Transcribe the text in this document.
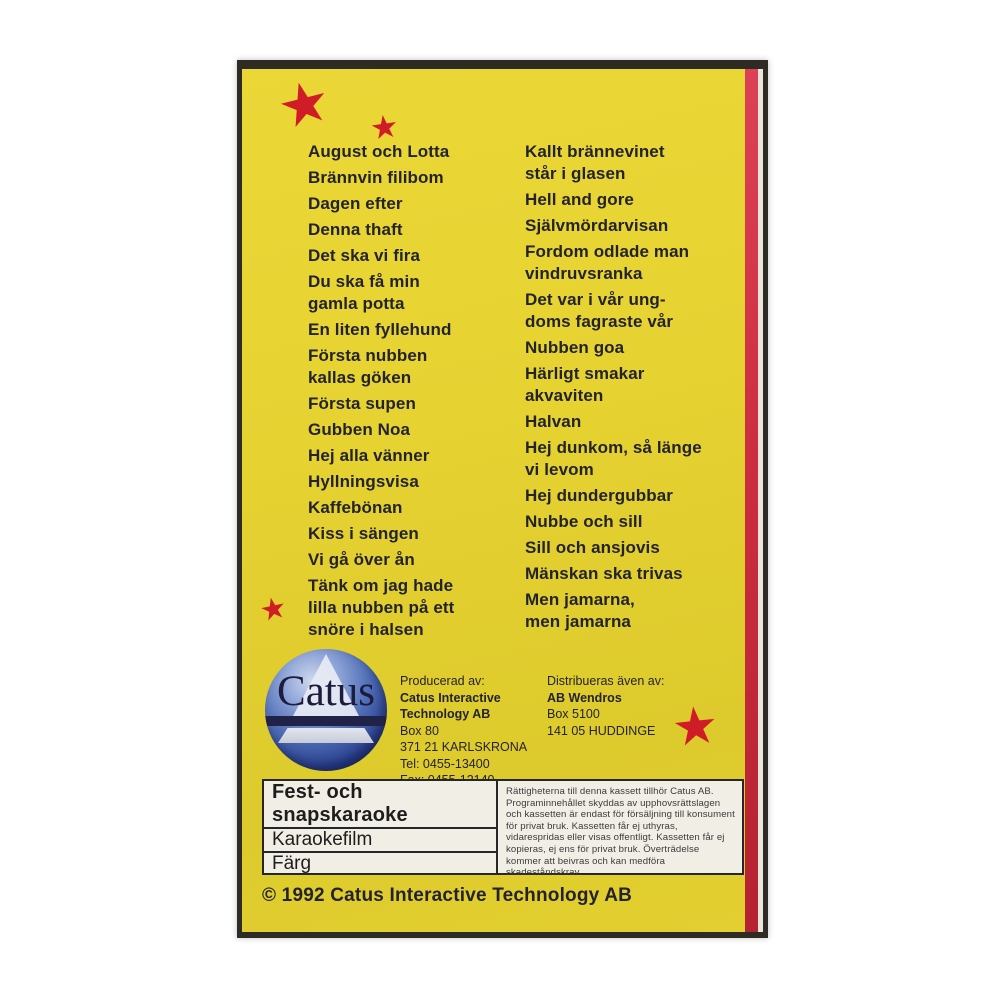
★ ★
★
★
August och Lotta
Brännvin filibom
Dagen efter
Denna thaft
Det ska vi fira
Du ska få min
gamla potta
En liten fyllehund
Första nubben
kallas göken
Första supen
Gubben Noa
Hej alla vänner
Hyllningsvisa
Kaffebönan
Kiss i sängen
Vi gå över ån
Tänk om jag hade
lilla nubben på ett
snöre i halsen
Kallt brännevinet
står i glasen
Hell and gore
Självmördarvisan
Fordom odlade man
vindruvsranka
Det var i vår ung-
doms fagraste vår
Nubben goa
Härligt smakar
akvaviten
Halvan
Hej dunkom, så länge
vi levom
Hej dundergubbar
Nubbe och sill
Sill och ansjovis
Mänskan ska trivas
Men jamarna,
men jamarna
Catus	Producerad av:
Catus Interactive
Technology AB
Box 80
371 21 KARLSKRONA
Tel: 0455-13400
Distribueras även av:
AB Wendros
Box 5100
141 05 HUDDINGE
Fest- och snapskaraoke
Karaokefilm
Färg
Rättigheterna till denna kassett tillhör Catus AB. Programinnehållet skyddas av upphovsrättslagen och kassetten är endast för försäljning till konsument för privat bruk. Kassetten får ej uthyras, vidarespridas eller visas offentligt. Kassetten får ej kopieras, ej ens för privat bruk. Överträdelse kommer att beivras och kan medföra skadeståndskrav.
© 1992 Catus Interactive Technology AB
